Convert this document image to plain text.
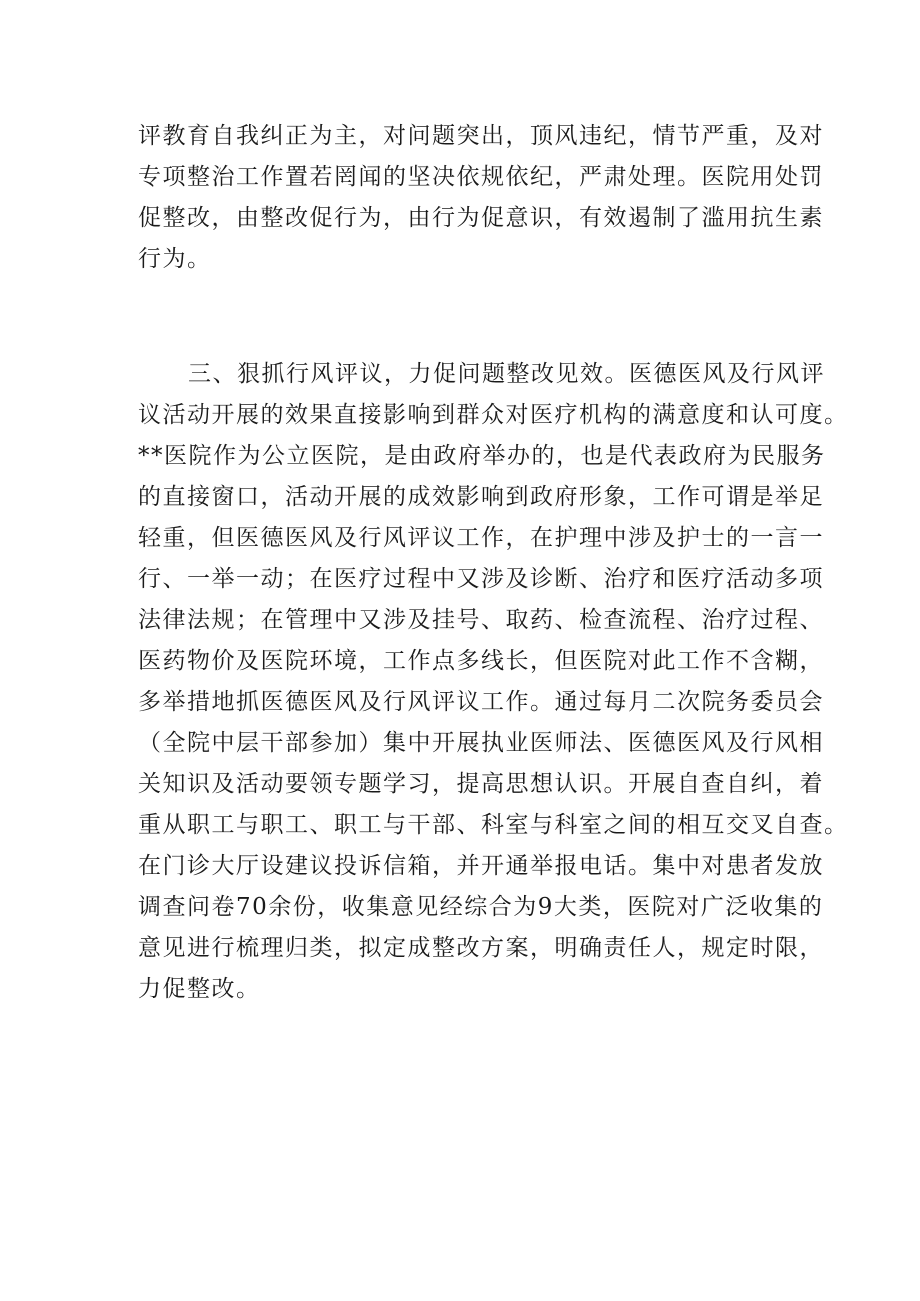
评教育自我纠正为主，对问题突出，顶风违纪，情节严重，及对
专项整治工作置若罔闻的坚决依规依纪，严肃处理。医院用处罚
促整改，由整改促行为，由行为促意识，有效遏制了滥用抗生素
行为。

三、狠抓行风评议，力促问题整改见效。医德医风及行风评
议活动开展的效果直接影响到群众对医疗机构的满意度和认可度。
**医院作为公立医院，是由政府举办的，也是代表政府为民服务
的直接窗口，活动开展的成效影响到政府形象，工作可谓是举足
轻重，但医德医风及行风评议工作，在护理中涉及护士的一言一
行、一举一动；在医疗过程中又涉及诊断、治疗和医疗活动多项
法律法规；在管理中又涉及挂号、取药、检查流程、治疗过程、
医药物价及医院环境，工作点多线长，但医院对此工作不含糊，
多举措地抓医德医风及行风评议工作。通过每月二次院务委员会
（全院中层干部参加）集中开展执业医师法、医德医风及行风相
关知识及活动要领专题学习，提高思想认识。开展自查自纠，着
重从职工与职工、职工与干部、科室与科室之间的相互交叉自查。
在门诊大厅设建议投诉信箱，并开通举报电话。集中对患者发放
调查问卷70余份，收集意见经综合为9大类，医院对广泛收集的
意见进行梳理归类，拟定成整改方案，明确责任人，规定时限，
力促整改。
